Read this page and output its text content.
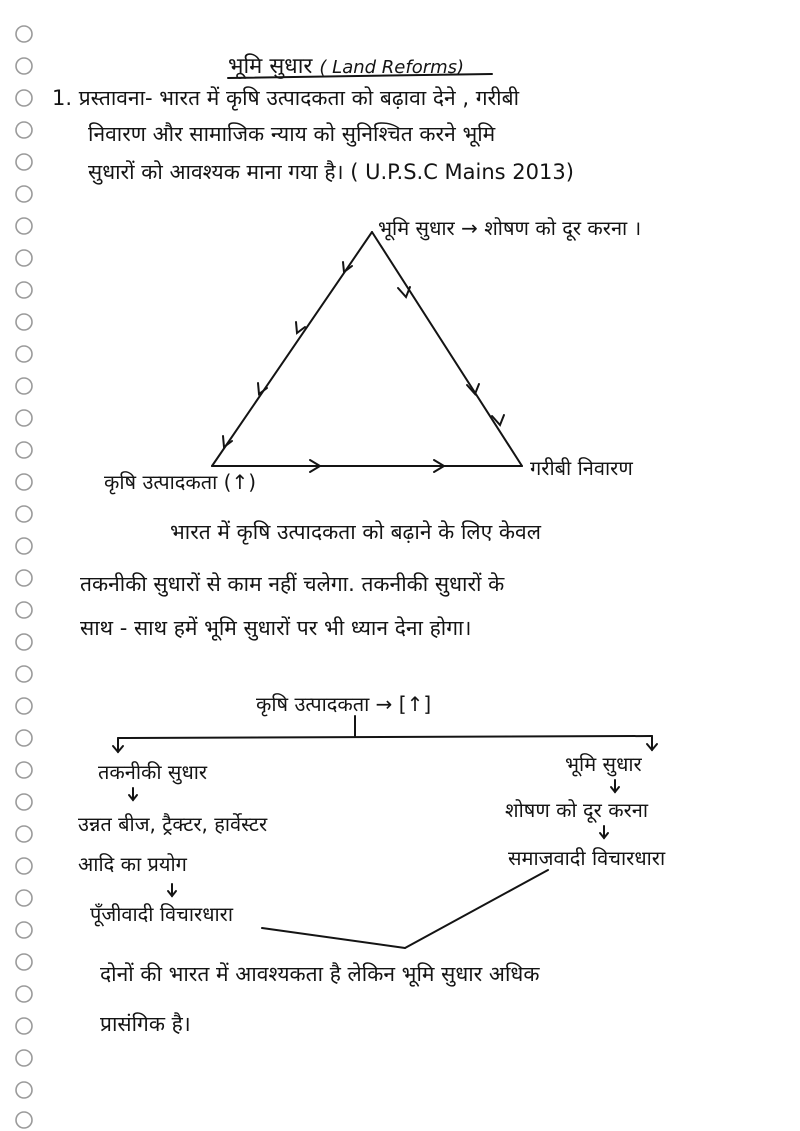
भूमि सुधार ( Land Reforms)
1. प्रस्तावना- भारत में कृषि उत्पादकता को बढ़ावा देने , गरीबी
निवारण और सामाजिक न्याय को सुनिश्चित करने भूमि
सुधारों को आवश्यक माना गया है। ( U.P.S.C Mains 2013)
भूमि सुधार → शोषण को दूर करना ।
कृषि उत्पादकता (↑)
गरीबी निवारण
भारत में कृषि उत्पादकता को बढ़ाने के लिए केवल
तकनीकी सुधारों से काम नहीं चलेगा. तकनीकी सुधारों के
साथ - साथ हमें भूमि सुधारों पर भी ध्यान देना होगा।
कृषि उत्पादकता → [↑]
तकनीकी सुधार
उन्नत बीज, ट्रैक्टर, हार्वेस्टर
आदि का प्रयोग
पूँजीवादी विचारधारा
भूमि सुधार
शोषण को दूर करना
समाजवादी विचारधारा
दोनों की भारत में आवश्यकता है लेकिन भूमि सुधार अधिक
प्रासंगिक है।
